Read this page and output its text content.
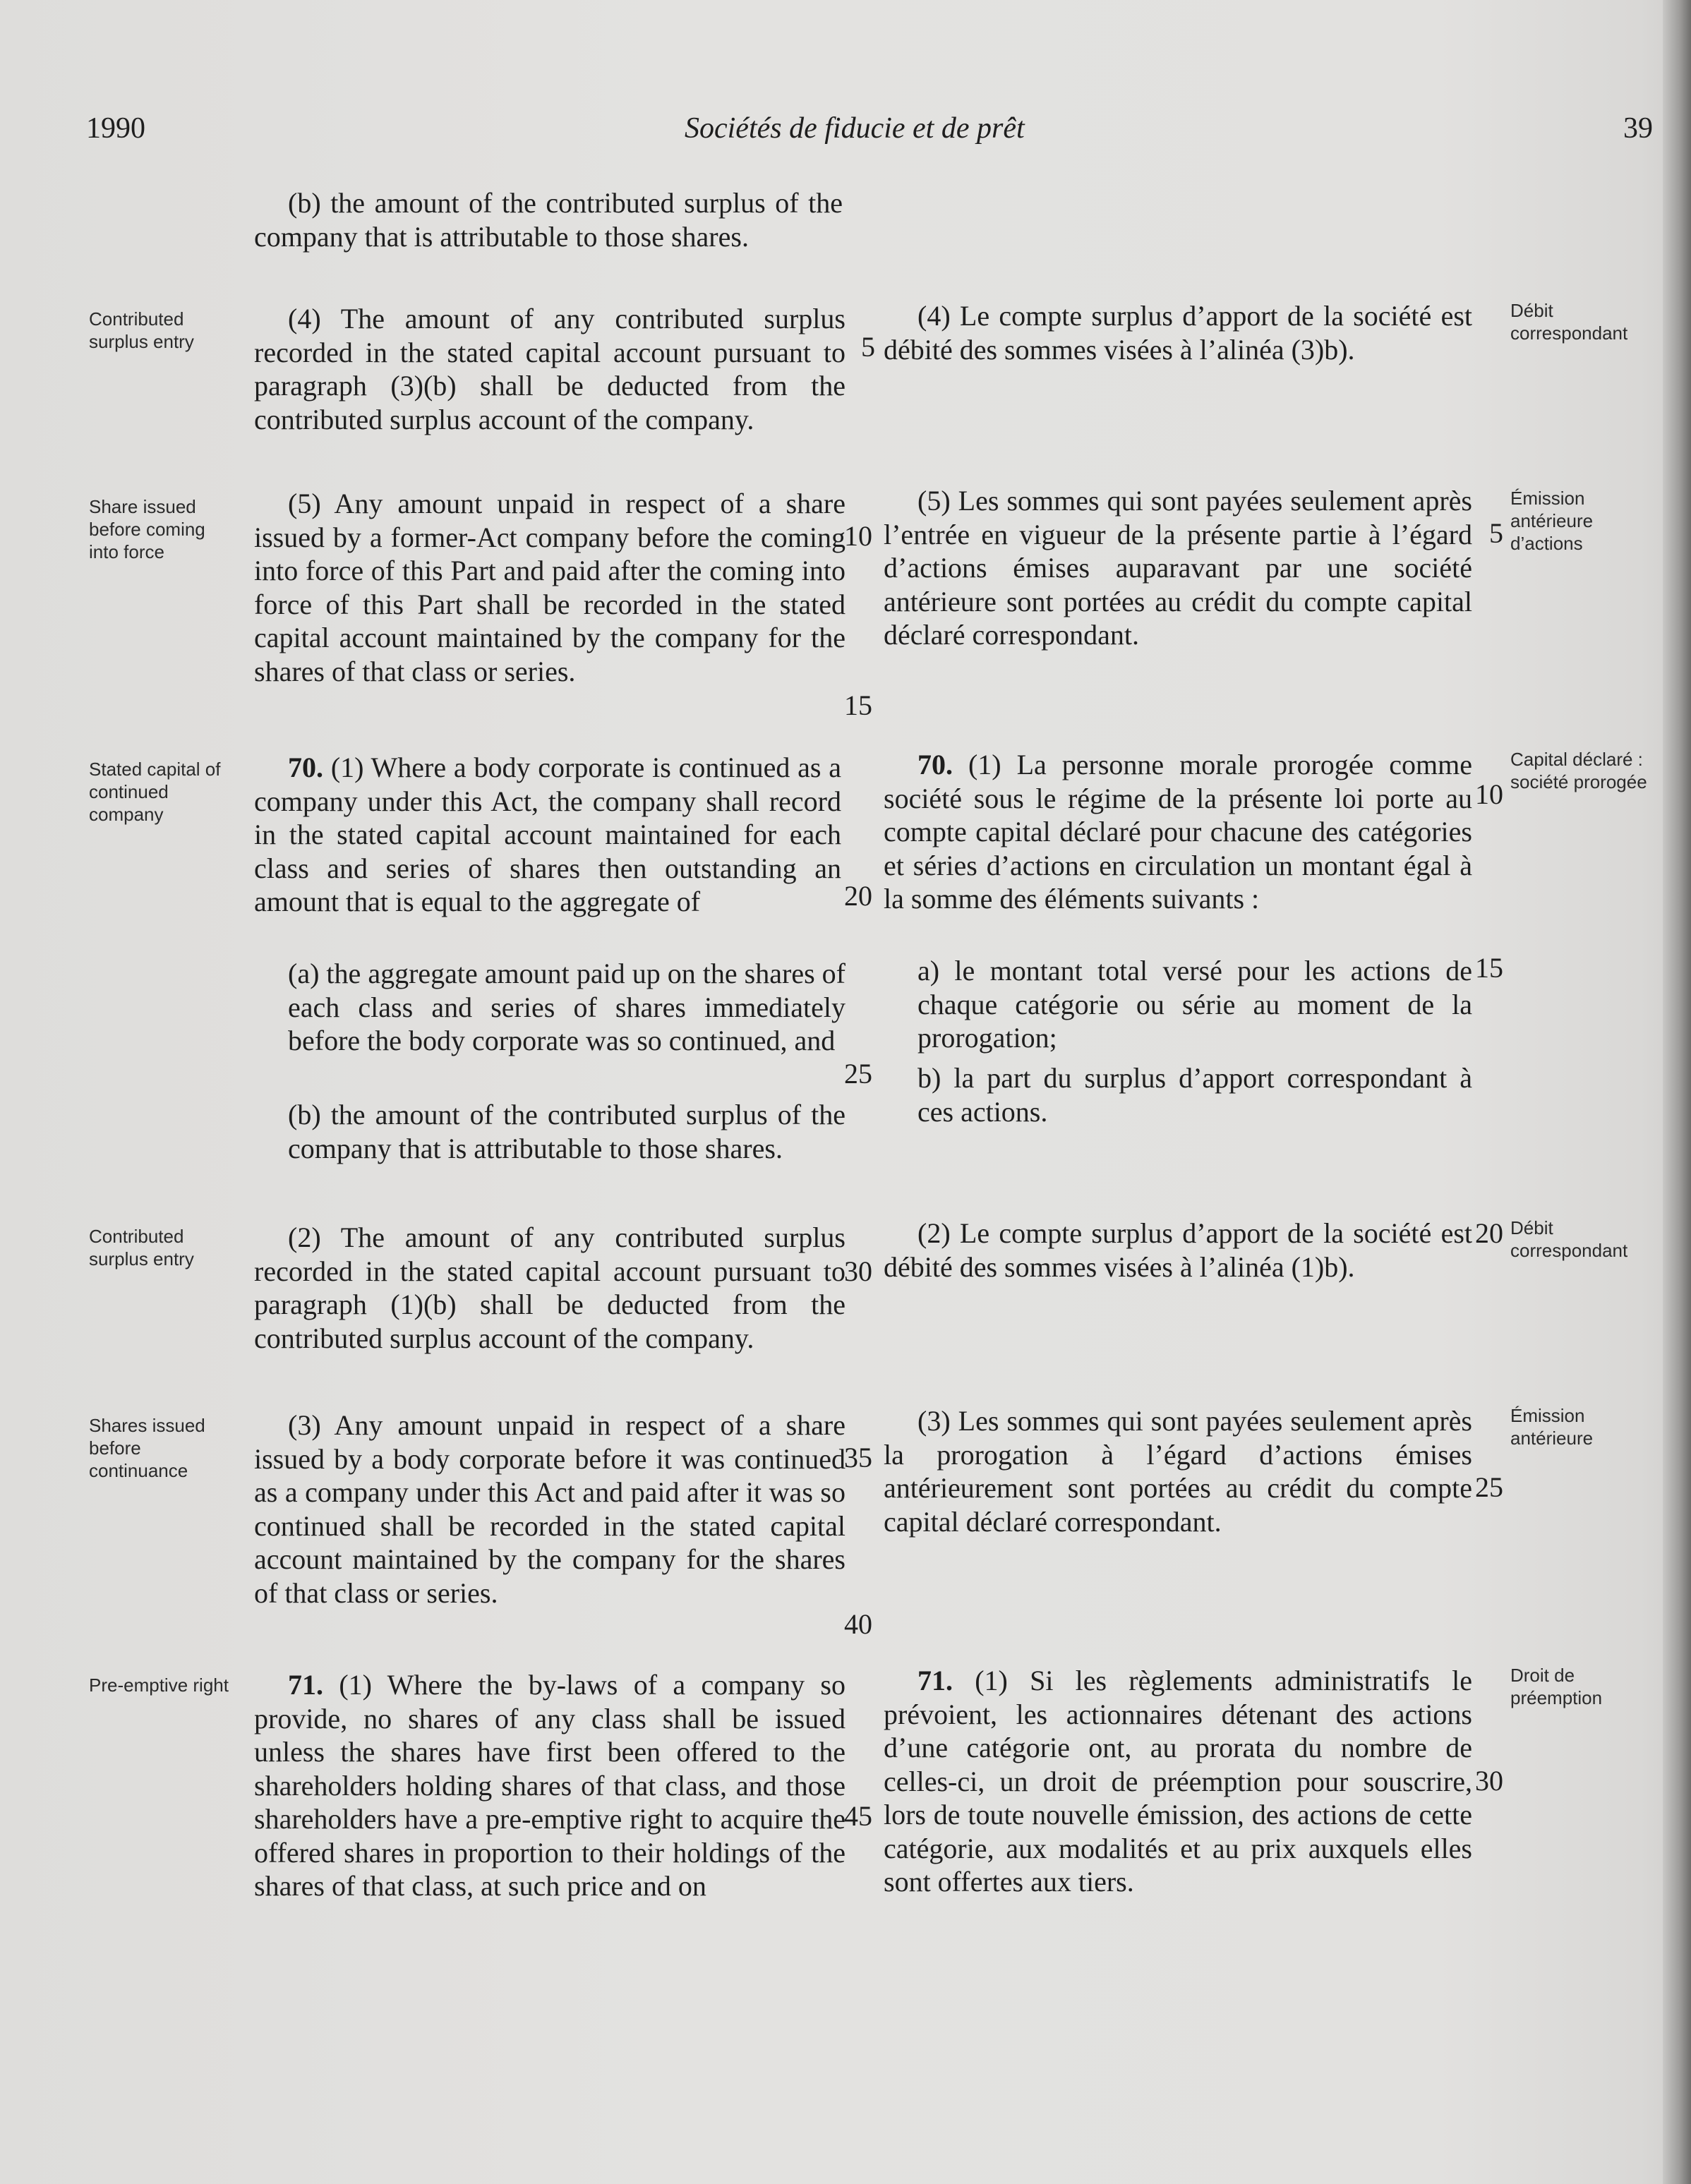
1990	Sociétés de fiducie et de prêt	39
Contributed surplus entry
Share issued before coming into force
Stated capital of continued company
Contributed surplus entry
Shares issued before continuance
Pre-emptive right
Débit correspondant
Émission antérieure d’actions
Capital déclaré : société prorogée
Débit correspondant
Émission antérieure
Droit de préemption
(b) the amount of the contributed surplus of the company that is attributable to those shares.
(4) The amount of any contributed surplus recorded in the stated capital account pursuant to paragraph (3)(b) shall be deducted from the contributed surplus account of the company.
(5) Any amount unpaid in respect of a share issued by a former-Act company before the coming into force of this Part and paid after the coming into force of this Part shall be recorded in the stated capital account maintained by the company for the shares of that class or series.
70. (1) Where a body corporate is continued as a company under this Act, the company shall record in the stated capital account maintained for each class and series of shares then outstanding an amount that is equal to the aggregate of
(a) the aggregate amount paid up on the shares of each class and series of shares immediately before the body corporate was so continued, and
(b) the amount of the contributed surplus of the company that is attributable to those shares.
(2) The amount of any contributed surplus recorded in the stated capital account pursuant to paragraph (1)(b) shall be deducted from the contributed surplus account of the company.
(3) Any amount unpaid in respect of a share issued by a body corporate before it was continued as a company under this Act and paid after it was so continued shall be recorded in the stated capital account maintained by the company for the shares of that class or series.
71. (1) Where the by-laws of a company so provide, no shares of any class shall be issued unless the shares have first been offered to the shareholders holding shares of that class, and those shareholders have a pre-emptive right to acquire the offered shares in proportion to their holdings of the shares of that class, at such price and on
5
10
15
20
25
30
35
40
45
(4) Le compte surplus d’apport de la société est débité des sommes visées à l’alinéa (3)b).
(5) Les sommes qui sont payées seulement après l’entrée en vigueur de la présente partie à l’égard d’actions émises auparavant par une société antérieure sont portées au crédit du compte capital déclaré correspondant.
70. (1) La personne morale prorogée comme société sous le régime de la présente loi porte au compte capital déclaré pour chacune des catégories et séries d’actions en circulation un montant égal à la somme des éléments suivants :
a) le montant total versé pour les actions de chaque catégorie ou série au moment de la prorogation;
b) la part du surplus d’apport correspondant à ces actions.
(2) Le compte surplus d’apport de la société est débité des sommes visées à l’alinéa (1)b).
(3) Les sommes qui sont payées seulement après la prorogation à l’égard d’actions émises antérieurement sont portées au crédit du compte capital déclaré correspondant.
71. (1) Si les règlements administratifs le prévoient, les actionnaires détenant des actions d’une catégorie ont, au prorata du nombre de celles-ci, un droit de préemption pour souscrire, lors de toute nouvelle émission, des actions de cette catégorie, aux modalités et au prix auxquels elles sont offertes aux tiers.
5
10
15
20
25
30
